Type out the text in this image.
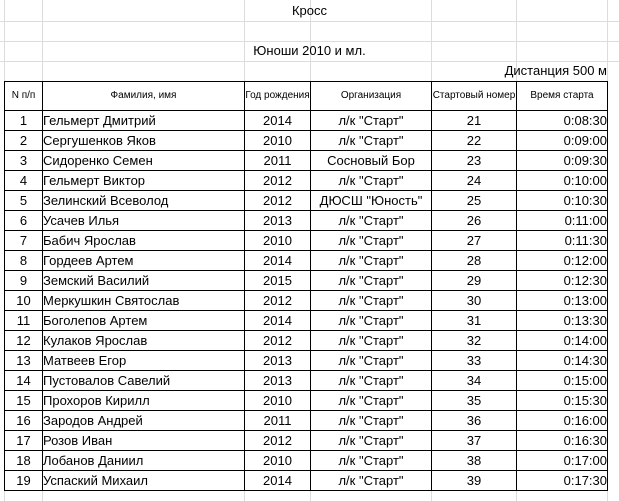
Кросс
Юноши 2010 и мл.
Дистанция 500 м
N п/п	Фамилия, имя	Год рождения	Организация	Стартовый номер	Время старта
1	Гельмерт Дмитрий	2014	л/к "Старт"	21	0:08:30
2	Сергушенков Яков	2010	л/к "Старт"	22	0:09:00
3	Сидоренко Семен	2011	Сосновый Бор	23	0:09:30
4	Гельмерт Виктор	2012	л/к "Старт"	24	0:10:00
5	Зелинский Всеволод	2012	ДЮСШ "Юность"	25	0:10:30
6	Усачев Илья	2013	л/к "Старт"	26	0:11:00
7	Бабич Ярослав	2010	л/к "Старт"	27	0:11:30
8	Гордеев Артем	2014	л/к "Старт"	28	0:12:00
9	Земский Василий	2015	л/к "Старт"	29	0:12:30
10	Меркушкин Святослав	2012	л/к "Старт"	30	0:13:00
11	Боголепов Артем	2014	л/к "Старт"	31	0:13:30
12	Кулаков Ярослав	2012	л/к "Старт"	32	0:14:00
13	Матвеев Егор	2013	л/к "Старт"	33	0:14:30
14	Пустовалов Савелий	2013	л/к "Старт"	34	0:15:00
15	Прохоров Кирилл	2010	л/к "Старт"	35	0:15:30
16	Зародов Андрей	2011	л/к "Старт"	36	0:16:00
17	Розов Иван	2012	л/к "Старт"	37	0:16:30
18	Лобанов Даниил	2010	л/к "Старт"	38	0:17:00
19	Успаский Михаил	2014	л/к "Старт"	39	0:17:30
